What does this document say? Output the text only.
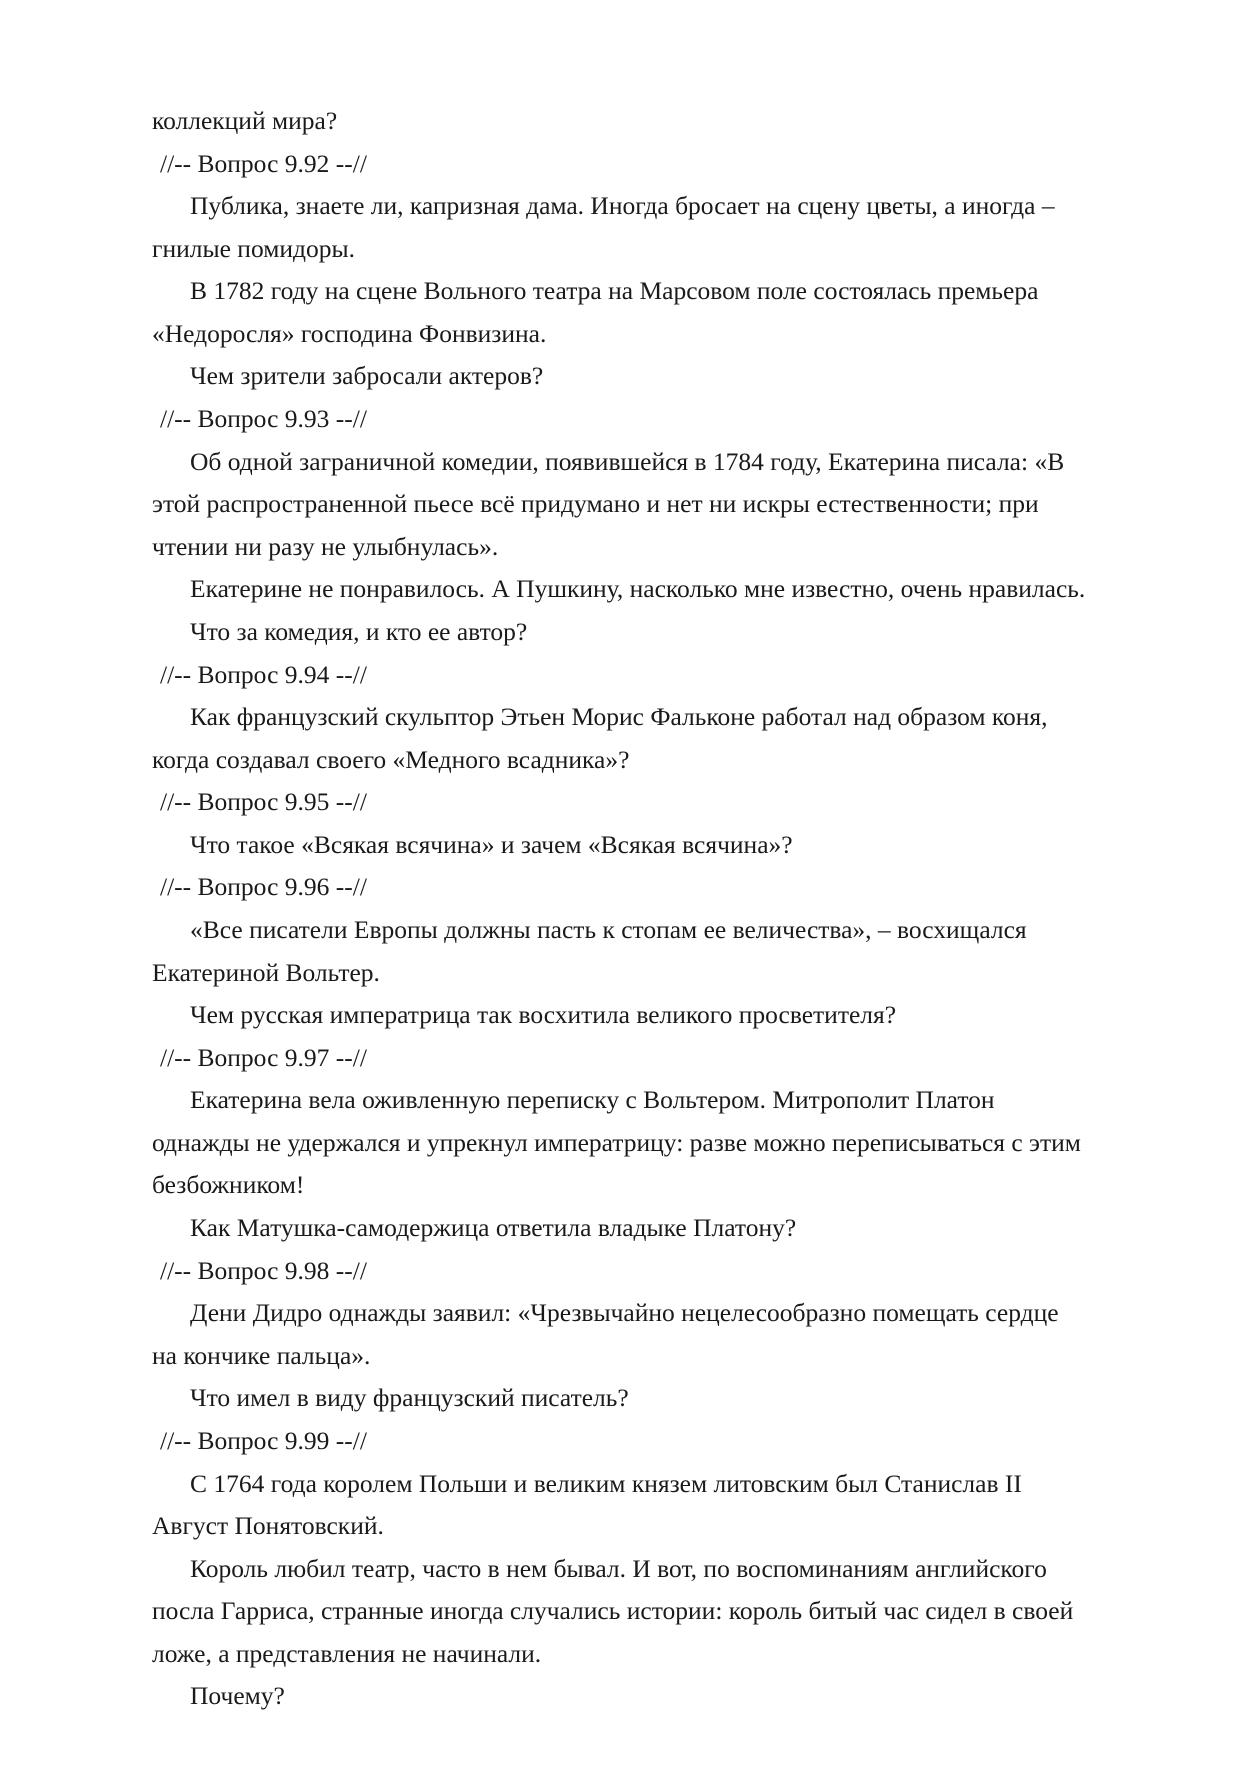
коллекций мира?

//-- Вопрос 9.92 --//

Публика, знаете ли, капризная дама. Иногда бросает на сцену цветы, а иногда – гнилые помидоры.

В 1782 году на сцене Вольного театра на Марсовом поле состоялась премьера «Недоросля» господина Фонвизина.

Чем зрители забросали актеров?

//-- Вопрос 9.93 --//

Об одной заграничной комедии, появившейся в 1784 году, Екатерина писала: «В этой распространенной пьесе всё придумано и нет ни искры естественности; при чтении ни разу не улыбнулась».

Екатерине не понравилось. А Пушкину, насколько мне известно, очень нравилась.

Что за комедия, и кто ее автор?

//-- Вопрос 9.94 --//

Как французский скульптор Этьен Морис Фальконе работал над образом коня, когда создавал своего «Медного всадника»?

//-- Вопрос 9.95 --//

Что такое «Всякая всячина» и зачем «Всякая всячина»?

//-- Вопрос 9.96 --//

«Все писатели Европы должны пасть к стопам ее величества», – восхищался Екатериной Вольтер.

Чем русская императрица так восхитила великого просветителя?

//-- Вопрос 9.97 --//

Екатерина вела оживленную переписку с Вольтером. Митрополит Платон однажды не удержался и упрекнул императрицу: разве можно переписываться с этим безбожником!

Как Матушка-самодержица ответила владыке Платону?

//-- Вопрос 9.98 --//

Дени Дидро однажды заявил: «Чрезвычайно нецелесообразно помещать сердце на кончике пальца».

Что имел в виду французский писатель?

//-- Вопрос 9.99 --//

С 1764 года королем Польши и великим князем литовским был Станислав II Август Понятовский.

Король любил театр, часто в нем бывал. И вот, по воспоминаниям английского посла Гарриса, странные иногда случались истории: король битый час сидел в своей ложе, а представления не начинали.

Почему?
